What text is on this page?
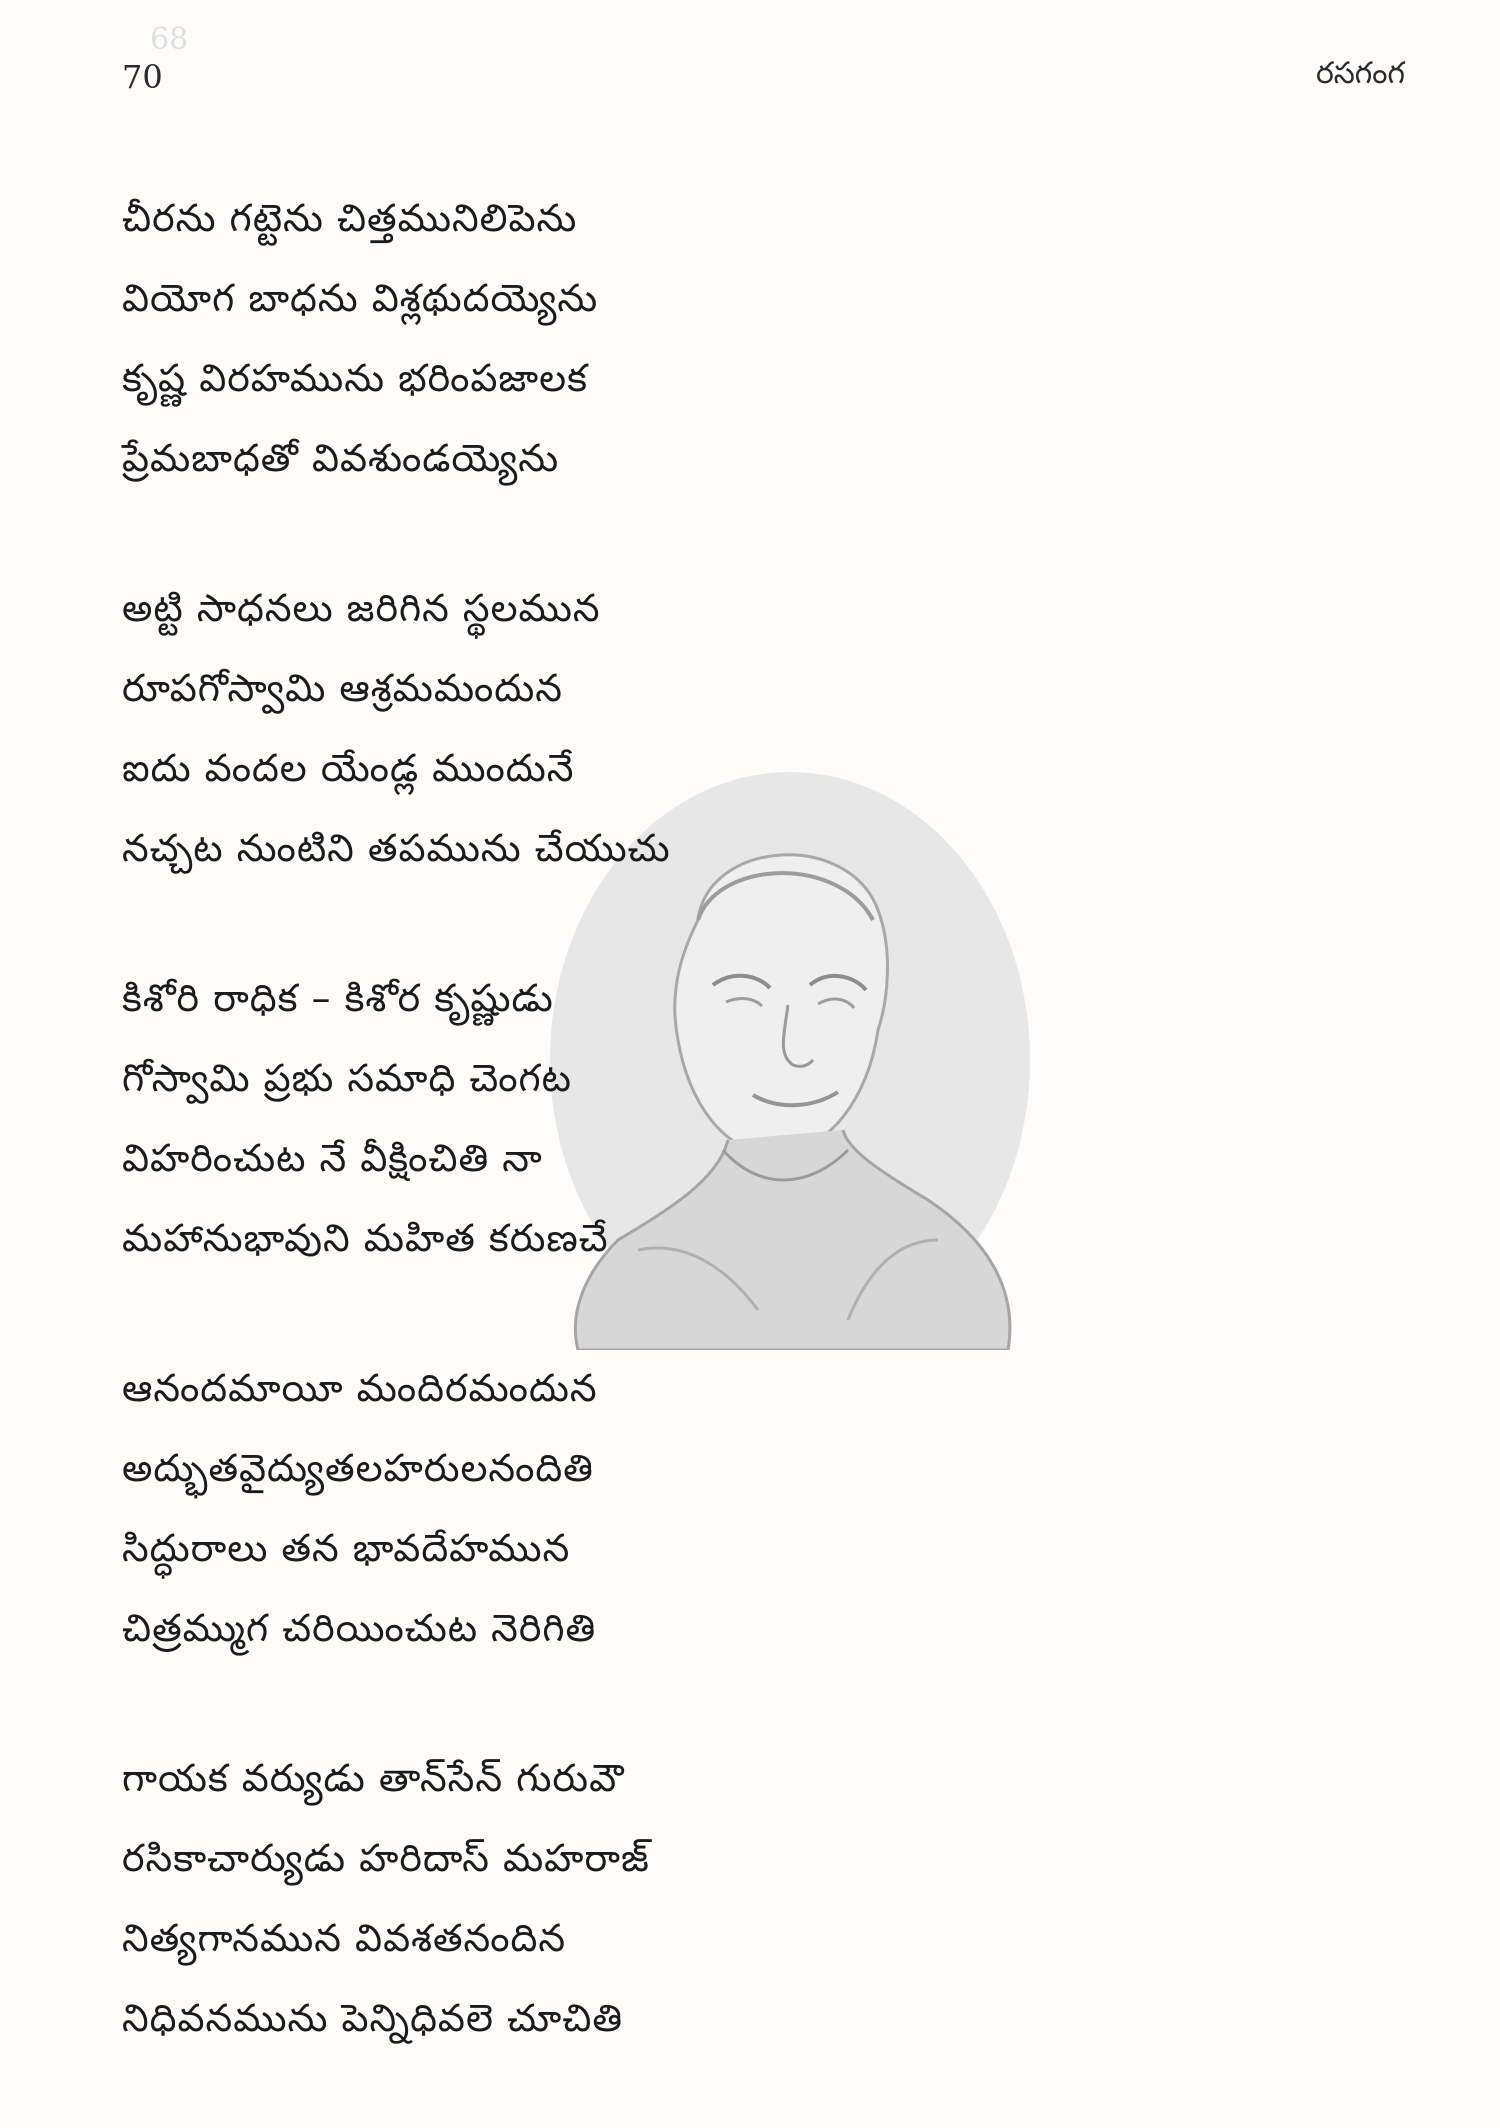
68
70	రసగంగ
చీరను గట్టెను చిత్తమునిలిపెను
వియోగ బాధను విశ్లథుదయ్యెను
కృష్ణ విరహమును భరింపజాలక
ప్రేమబాధతో వివశుండయ్యెను
అట్టి సాధనలు జరిగిన స్థలమున
రూపగోస్వామి ఆశ్రమమందున
ఐదు వందల యేండ్ల ముందునే
నచ్చట నుంటిని తపమును చేయుచు
కిశోరి రాధిక – కిశోర కృష్ణుడు
గోస్వామి ప్రభు సమాధి చెంగట
విహరించుట నే వీక్షించితి నా
మహానుభావుని మహిత కరుణచే
ఆనందమాయీ మందిరమందున
అద్భుతవైద్యుతలహరులనందితి
సిద్ధురాలు తన భావదేహమున
చిత్రమ్ముగ చరియించుట నెరిగితి
గాయక వర్యుడు తాన్‌సేన్ గురువౌ
రసికాచార్యుడు హరిదాస్ మహరాజ్
నిత్యగానమున వివశతనందిన
నిధివనమును పెన్నిధివలె చూచితి
